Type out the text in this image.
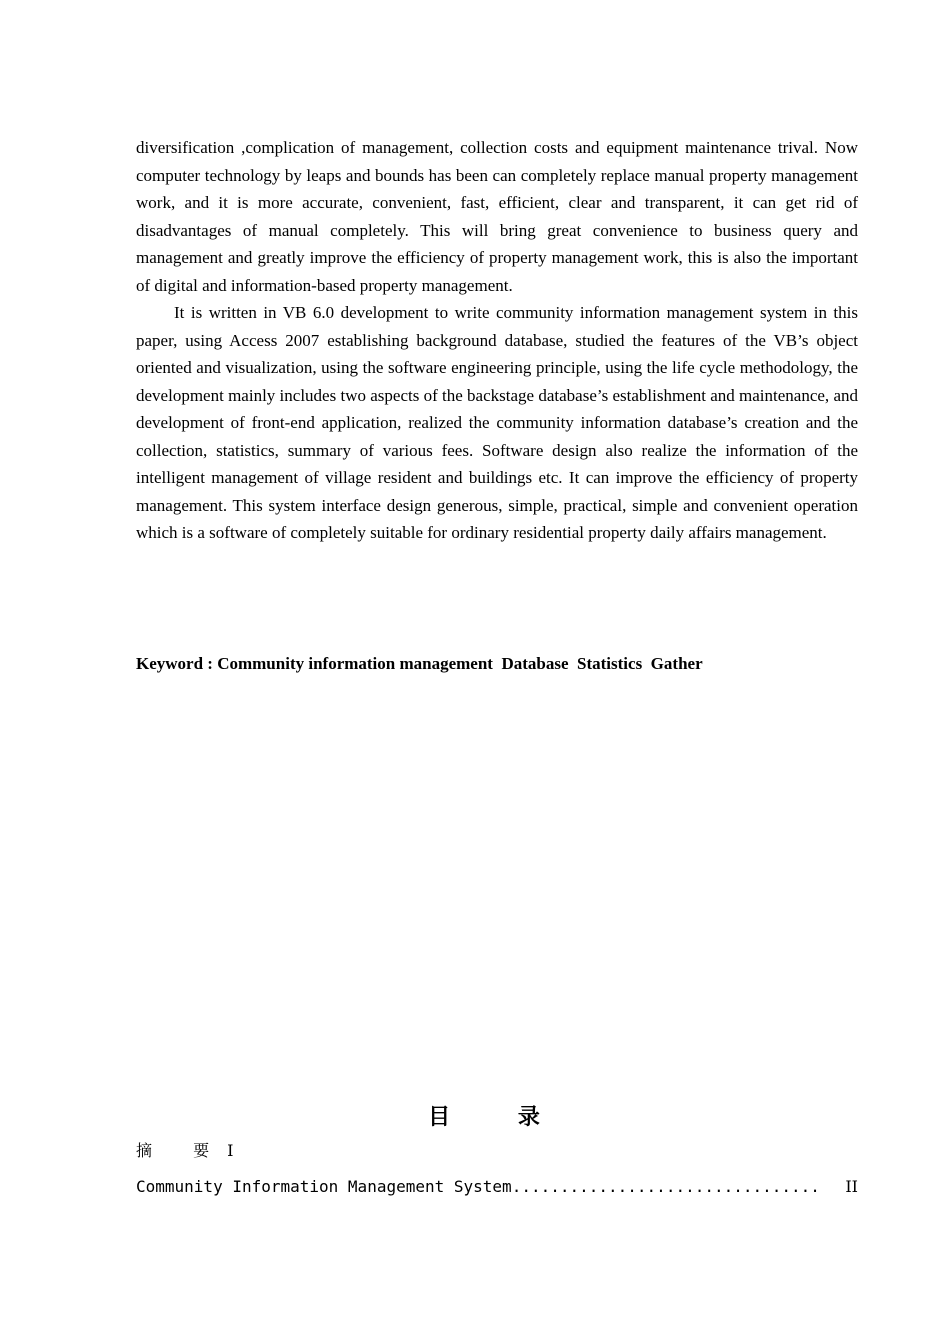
diversification ,complication of management, collection costs and equipment maintenance trival. Now computer technology by leaps and bounds has been can completely replace manual property management work, and it is more accurate, convenient, fast, efficient, clear and transparent, it can get rid of disadvantages of manual completely. This will bring great convenience to business query and management and greatly improve the efficiency of property management work, this is also the important of digital and information-based property management.

It is written in VB 6.0 development to write community information management system in this paper, using Access 2007 establishing background database, studied the features of the VB’s object oriented and visualization, using the software engineering principle, using the life cycle methodology, the development mainly includes two aspects of the backstage database’s establishment and maintenance, and development of front-end application, realized the community information database’s creation and the collection, statistics, summary of various fees. Software design also realize the information of the intelligent management of village resident and buildings etc. It can improve the efficiency of property management. This system interface design generous, simple, practical, simple and convenient operation which is a software of completely suitable for ordinary residential property daily affairs management.

Keyword : Community information management  Database  Statistics  Gather
目 录
摘 要 I
Community Information Management System ................................	II
